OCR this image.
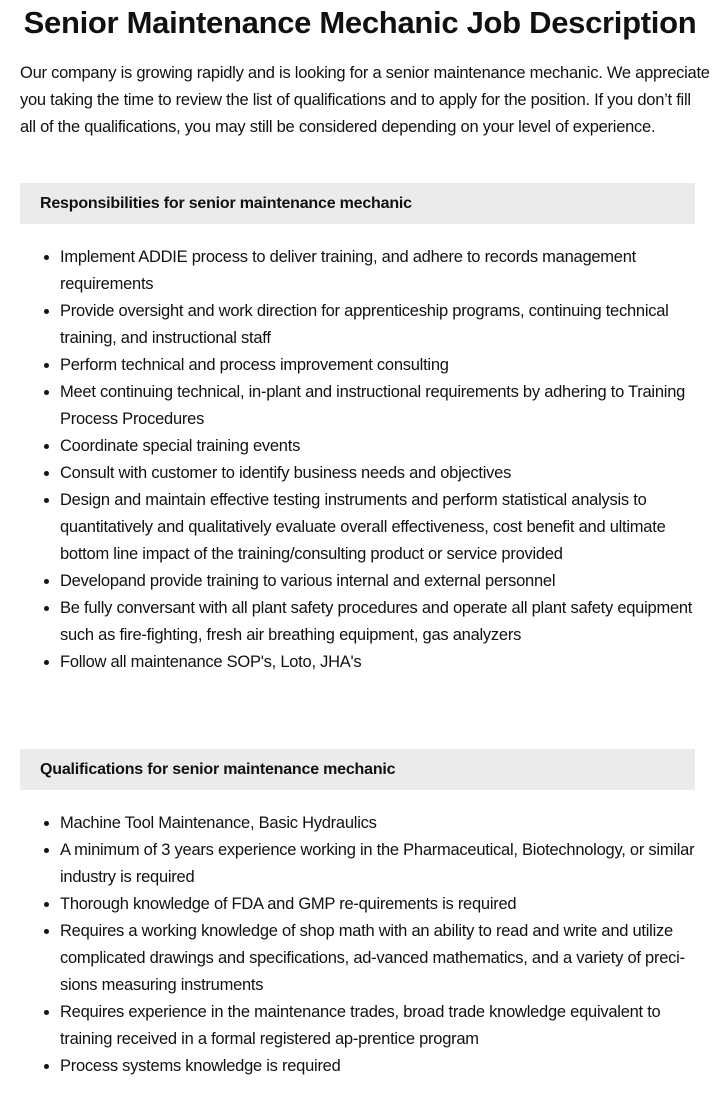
Senior Maintenance Mechanic Job Description

Our company is growing rapidly and is looking for a senior maintenance mechanic. We appreciate you taking the time to review the list of qualifications and to apply for the position. If you don’t fill all of the qualifications, you may still be considered depending on your level of experience.

Responsibilities for senior maintenance mechanic
• Implement ADDIE process to deliver training, and adhere to records management requirements
• Provide oversight and work direction for apprenticeship programs, continuing technical training, and instructional staff
• Perform technical and process improvement consulting
• Meet continuing technical, in-plant and instructional requirements by adhering to Training Process Procedures
• Coordinate special training events
• Consult with customer to identify business needs and objectives
• Design and maintain effective testing instruments and perform statistical analysis to quantitatively and qualitatively evaluate overall effectiveness, cost benefit and ultimate bottom line impact of the training/consulting product or service provided
• Developand provide training to various internal and external personnel
• Be fully conversant with all plant safety procedures and operate all plant safety equipment such as fire-fighting, fresh air breathing equipment, gas analyzers
• Follow all maintenance SOP's, Loto, JHA's
Qualifications for senior maintenance mechanic
• Machine Tool Maintenance, Basic Hydraulics
• A minimum of 3 years experience working in the Pharmaceutical, Biotechnology, or similar industry is required
• Thorough knowledge of FDA and GMP re-quirements is required
• Requires a working knowledge of shop math with an ability to read and write and utilize complicated drawings and specifications, ad-vanced mathematics, and a variety of preci-sions measuring instruments
• Requires experience in the maintenance trades, broad trade knowledge equivalent to training received in a formal registered ap-prentice program
• Process systems knowledge is required
